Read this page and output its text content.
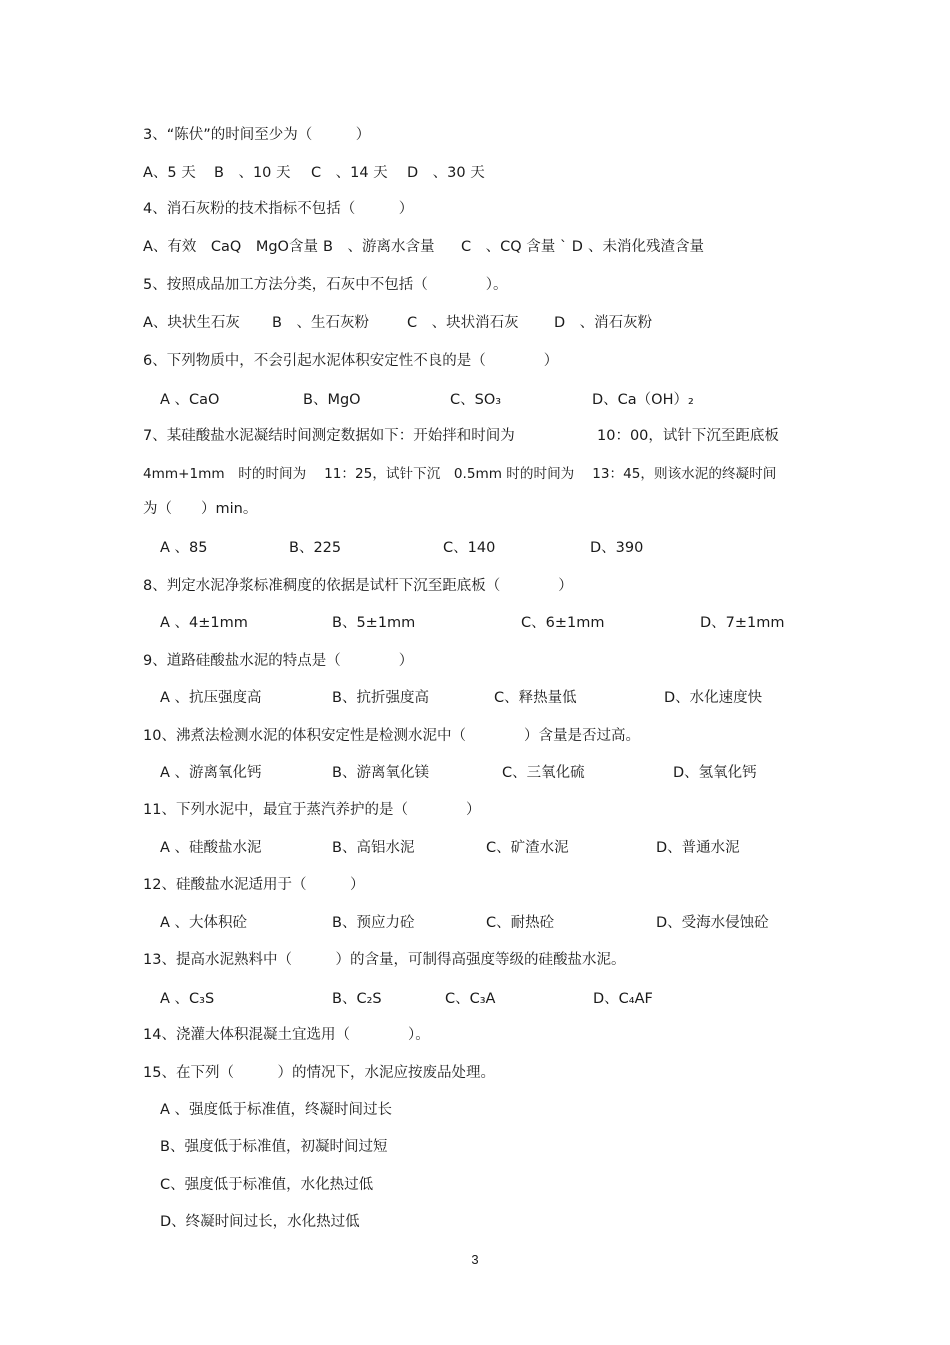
3、“陈伏”的时间至少为（　　　）
A、5 天 B　、10 天 C　、14 天 D　、30 天
4、消石灰粉的技术指标不包括（　　　）
A、有效　CaQ　MgO含量 B　、游离水含量 C　、CQ 含量 ` D 、未消化残渣含量
5、按照成品加工方法分类，石灰中不包括（　　　　）。
A、块状生石灰 B　、生石灰粉	C　、块状消石灰 D　、消石灰粉
6、下列物质中，不会引起水泥体积安定性不良的是（　　　　）
A 、CaO	B、MgO	C、SO₃	D、Ca（OH）₂
7、某硅酸盐水泥凝结时间测定数据如下：开始拌和时间为	10：00，试针下沉至距底板
4mm+1mm　时的时间为　 11：25，试针下沉　0.5mm 时的时间为　 13：45，则该水泥的终凝时间
为（　　）min。
A 、85	B、225	C、140	D、390
8、判定水泥净浆标准稠度的依据是试杆下沉至距底板（　　　　）
A 、4±1mm	B、5±1mm	C、6±1mm	D、7±1mm
9、道路硅酸盐水泥的特点是（　　　　）
A 、抗压强度高	B、抗折强度高	C、释热量低	D、水化速度快
10、沸煮法检测水泥的体积安定性是检测水泥中（　　　　）含量是否过高。
A 、游离氧化钙	B、游离氧化镁	C、三氧化硫	D、氢氧化钙
11、下列水泥中，最宜于蒸汽养护的是（　　　　）
A 、硅酸盐水泥	B、高铝水泥	C、矿渣水泥	D、普通水泥
12、硅酸盐水泥适用于（　　　）
A 、大体积砼	B、预应力砼	C、耐热砼	D、受海水侵蚀砼
13、提高水泥熟料中（　　　）的含量，可制得高强度等级的硅酸盐水泥。
A 、C₃S	B、C₂S	C、C₃A	D、C₄AF
14、浇灌大体积混凝土宜选用（　　　　）。
15、在下列（　　　）的情况下，水泥应按废品处理。
A 、强度低于标准值，终凝时间过长
B、强度低于标准值，初凝时间过短
C、强度低于标准值，水化热过低
D、终凝时间过长，水化热过低
3
